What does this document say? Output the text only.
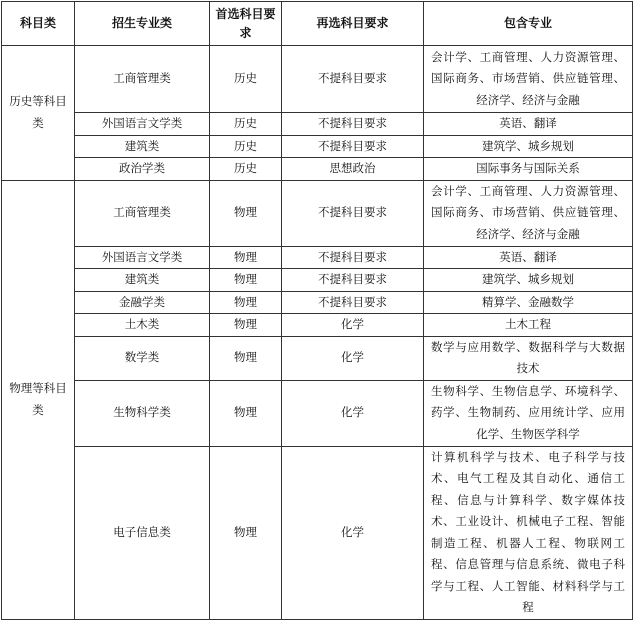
科目类	招生专业类	首选科目要求	再选科目要求	包含专业
历史等科目类	工商管理类	历史	不提科目要求	会计学、工商管理、人力资源管理、国际商务、市场营销、供应链管理、经济学、经济与金融
	外国语言文学类	历史	不提科目要求	英语、翻译
	建筑类	历史	不提科目要求	建筑学、城乡规划
	政治学类	历史	思想政治	国际事务与国际关系
物理等科目类	工商管理类	物理	不提科目要求	会计学、工商管理、人力资源管理、国际商务、市场营销、供应链管理、经济学、经济与金融
	外国语言文学类	物理	不提科目要求	英语、翻译
	建筑类	物理	不提科目要求	建筑学、城乡规划
	金融学类	物理	不提科目要求	精算学、金融数学
	土木类	物理	化学	土木工程
	数学类	物理	化学	数学与应用数学、数据科学与大数据技术
	生物科学类	物理	化学	生物科学、生物信息学、环境科学、药学、生物制药、应用统计学、应用化学、生物医学科学
	电子信息类	物理	化学	计算机科学与技术、电子科学与技术、电气工程及其自动化、通信工程、信息与计算科学、数字媒体技术、工业设计、机械电子工程、智能制造工程、机器人工程、物联网工程、信息管理与信息系统、微电子科学与工程、人工智能、材料科学与工程
